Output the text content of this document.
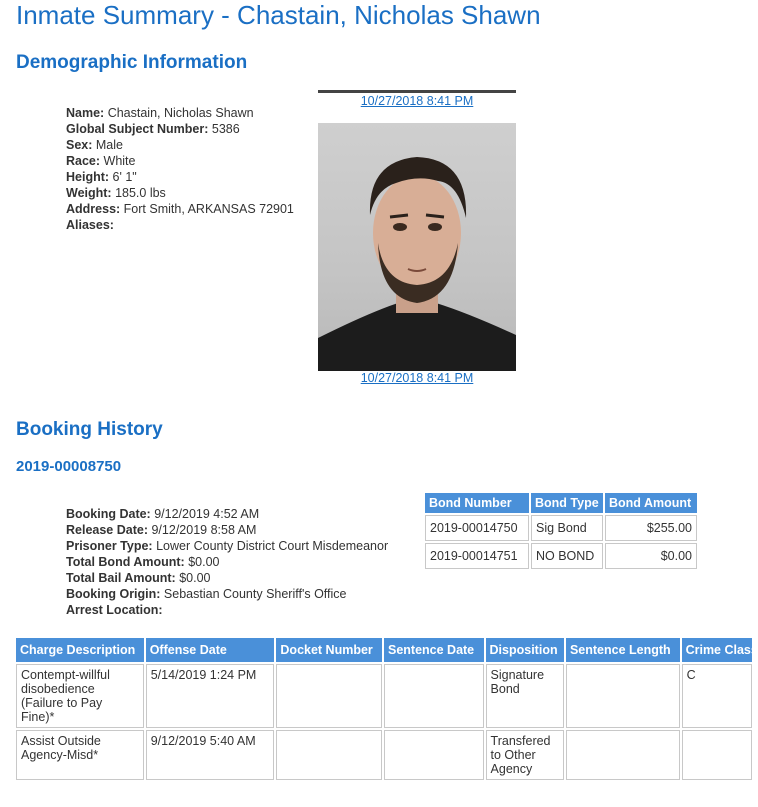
Inmate Summary - Chastain, Nicholas Shawn
Demographic Information
Name: Chastain, Nicholas Shawn
Global Subject Number: 5386
Sex: Male
Race: White
Height: 6' 1"
Weight: 185.0 lbs
Address: Fort Smith, ARKANSAS 72901
Aliases:
10/27/2018 8:41 PM
10/27/2018 8:41 PM
Booking History
2019-00008750
Booking Date: 9/12/2019 4:52 AM
Release Date: 9/12/2019 8:58 AM
Prisoner Type: Lower County District Court Misdemeanor
Total Bond Amount: $0.00
Total Bail Amount: $0.00
Booking Origin: Sebastian County Sheriff's Office
Arrest Location:
Bond Number	Bond Type	Bond Amount
2019-00014750	Sig Bond	$255.00
2019-00014751	NO BOND	$0.00
Charge Description	Offense Date	Docket Number	Sentence Date	Disposition	Sentence Length	Crime Class
Contempt-willful disobedience (Failure to Pay Fine)*	5/14/2019 1:24 PM			Signature Bond		C
Assist Outside Agency-Misd*	9/12/2019 5:40 AM			Transfered to Other Agency		
